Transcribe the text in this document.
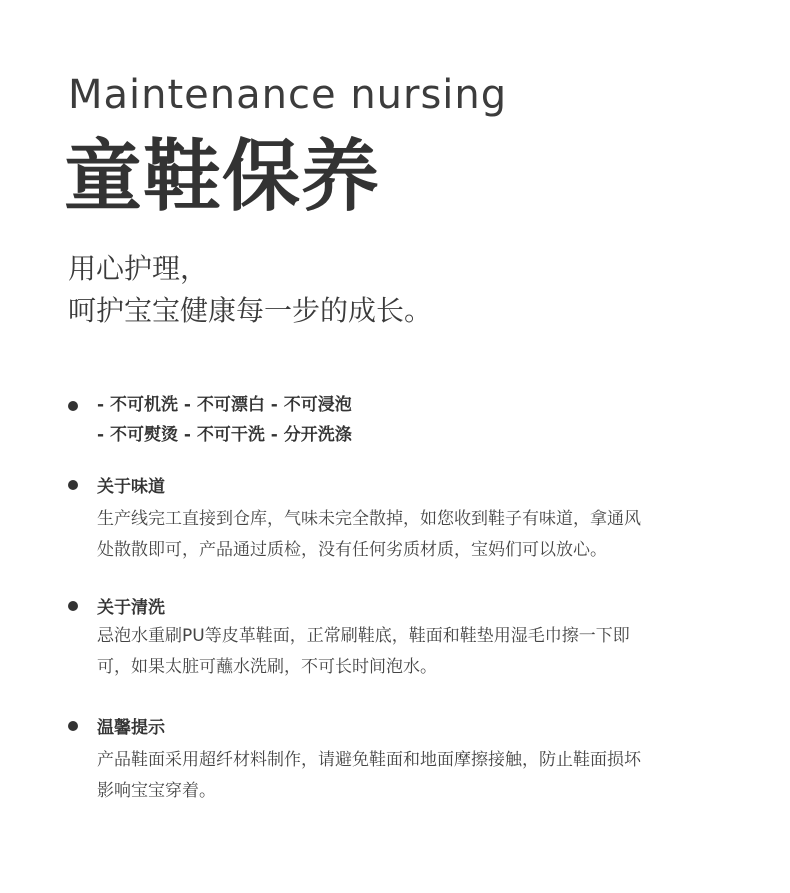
Maintenance nursing
童鞋保养
用心护理，
呵护宝宝健康每一步的成长。
- 不可机洗 - 不可漂白 - 不可浸泡
- 不可熨烫 - 不可干洗 - 分开洗涤
关于味道
生产线完工直接到仓库，气味未完全散掉，如您收到鞋子有味道，拿通风
处散散即可，产品通过质检，没有任何劣质材质，宝妈们可以放心。
关于清洗
忌泡水重刷PU等皮革鞋面，正常刷鞋底，鞋面和鞋垫用湿毛巾擦一下即
可，如果太脏可蘸水洗刷，不可长时间泡水。
温馨提示
产品鞋面采用超纤材料制作，请避免鞋面和地面摩擦接触，防止鞋面损坏
影响宝宝穿着。
